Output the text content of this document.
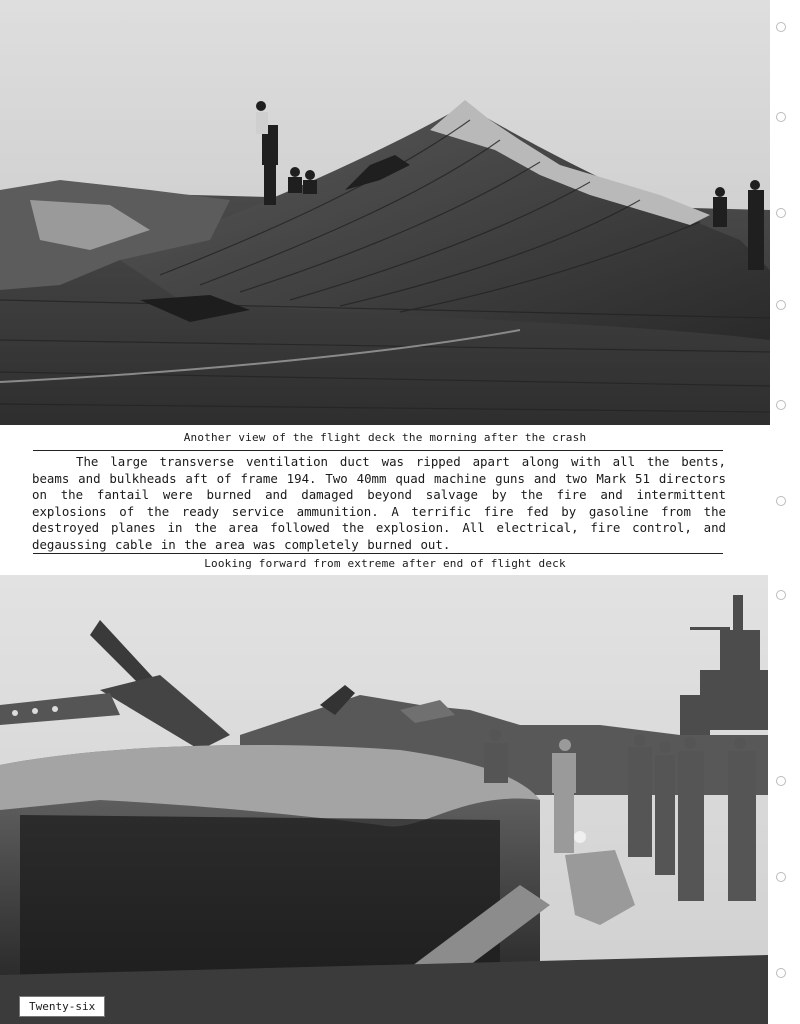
Another view of the flight deck the morning after the crash
The large transverse ventilation duct was ripped apart along with all the bents, beams and bulkheads aft of frame 194. Two 40mm quad machine guns and two Mark 51 directors on the fantail were burned and damaged beyond salvage by the fire and intermittent explosions of the ready service ammunition. A terrific fire fed by gasoline from the destroyed planes in the area followed the explosion. All electrical, fire control, and degaussing cable in the area was completely burned out.
Looking forward from extreme after end of flight deck
Twenty-six
